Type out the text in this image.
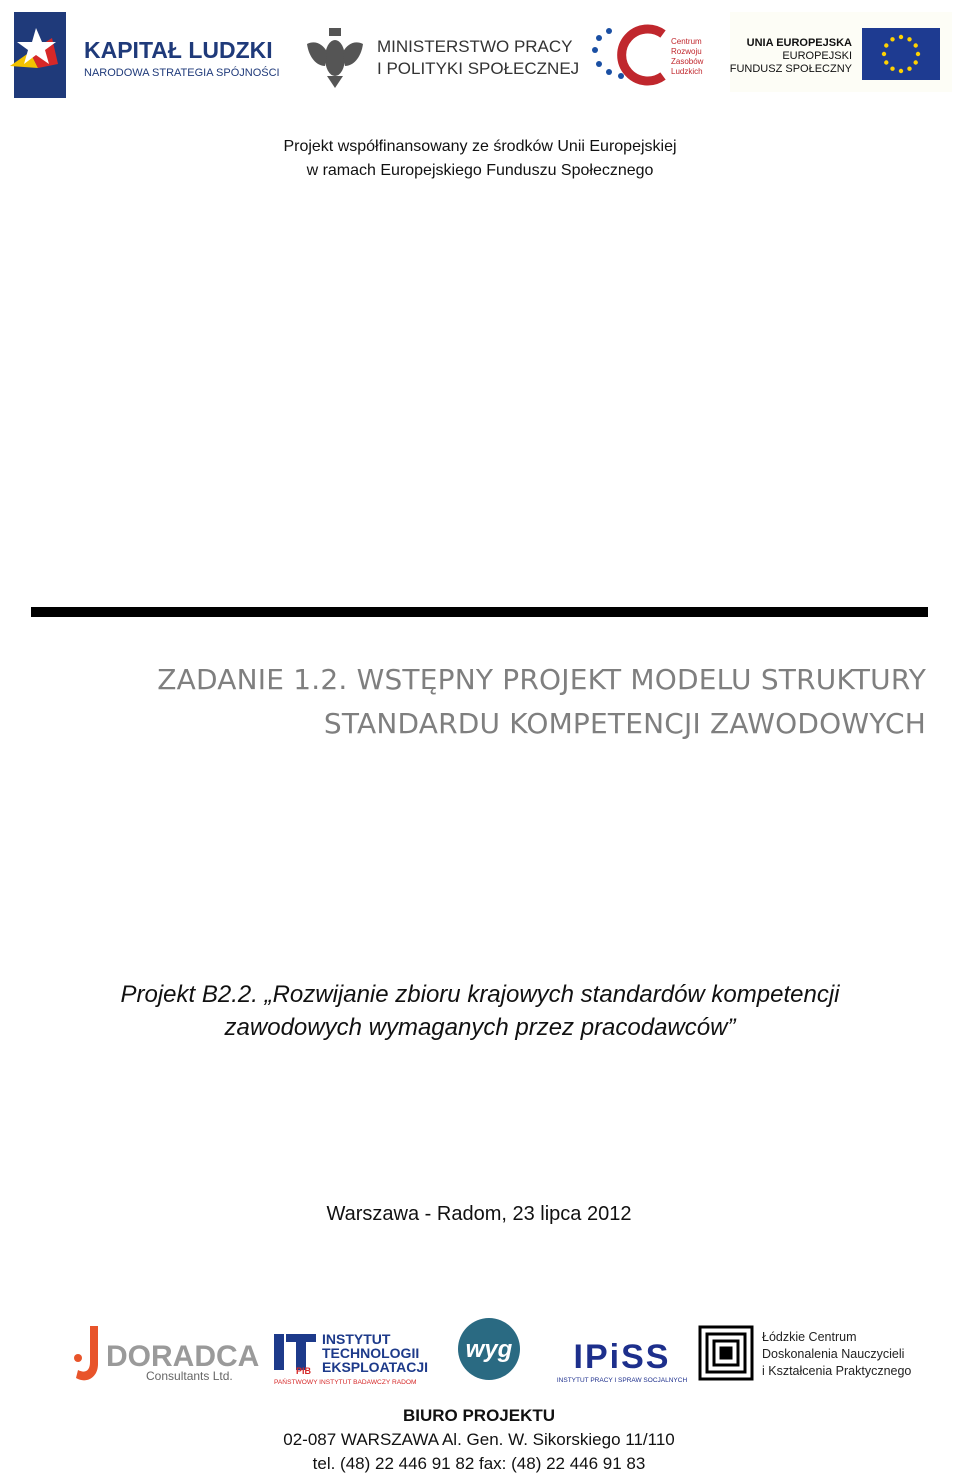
KAPITAŁ LUDZKI
NARODOWA STRATEGIA SPÓJNOŚCI
MINISTERSTWO PRACY
I POLITYKI SPOŁECZNEJ
Centrum
Rozwoju
Zasobów
Ludzkich
UNIA EUROPEJSKA
EUROPEJSKI
FUNDUSZ SPOŁECZNY
Projekt współfinansowany ze środków Unii Europejskiej
w ramach Europejskiego Funduszu Społecznego
ZADANIE 1.2. WSTĘPNY PROJEKT MODELU STRUKTURY
STANDARDU KOMPETENCJI ZAWODOWYCH
Projekt B2.2. „Rozwijanie zbioru krajowych standardów kompetencji
zawodowych wymaganych przez pracodawców”
Warszawa - Radom, 23 lipca 2012
DORADCA
Consultants Ltd.	PIB
INSTYTUT
TECHNOLOGII
EKSPLOATACJI
PAŃSTWOWY INSTYTUT BADAWCZY RADOM
wyg IPiSS
INSTYTUT PRACY I SPRAW SOCJALNYCH
Łódzkie Centrum
Doskonalenia Nauczycieli
i Kształcenia Praktycznego
BIURO PROJEKTU
02-087 WARSZAWA Al. Gen. W. Sikorskiego 11/110
tel. (48) 22 446 91 82 fax: (48) 22 446 91 83
